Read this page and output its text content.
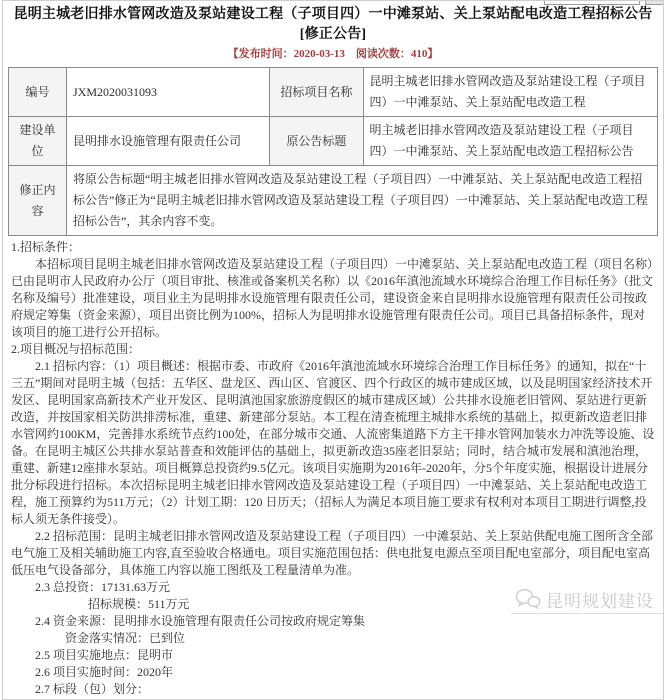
昆明主城老旧排水管网改造及泵站建设工程（子项目四）一中滩泵站、关上泵站配电改造工程招标公告[修正公告]
【发布时间：2020-03-13　阅读次数：410】
编号	JXM2020031093	招标项目名称	昆明主城老旧排水管网改造及泵站建设工程（子项目四）一中滩泵站、关上泵站配电改造工程
建设单位	昆明排水设施管理有限责任公司	原公告标题	明主城老旧排水管网改造及泵站建设工程（子项目四）一中滩泵站、关上泵站配电改造工程招标公告
修正内容	将原公告标题“明主城老旧排水管网改造及泵站建设工程（子项目四）一中滩泵站、关上泵站配电改造工程招标公告”修正为“昆明主城老旧排水管网改造及泵站建设工程（子项目四）一中滩泵站、关上泵站配电改造工程招标公告”，其余内容不变。		

1.招标条件：

本招标项目昆明主城老旧排水管网改造及泵站建设工程（子项目四）一中滩泵站、关上泵站配电改造工程（项目名称）已由昆明市人民政府办公厅（项目审批、核准或备案机关名称）以《2016年滇池流域水环境综合治理工作目标任务》（批文名称及编号）批准建设，项目业主为昆明排水设施管理有限责任公司，建设资金来自昆明排水设施管理有限责任公司按政府规定筹集（资金来源），项目出资比例为100%，招标人为昆明排水设施管理有限责任公司。项目已具备招标条件，现对该项目的施工进行公开招标。

2.项目概况与招标范围：

2.1 招标内容：（1）项目概述：根据市委、市政府《2016年滇池流域水环境综合治理工作目标任务》的通知，拟在“十三五”期间对昆明主城（包括：五华区、盘龙区、西山区、官渡区、四个行政区的城市建成区域，以及昆明国家经济技术开发区、昆明国家高新技术产业开发区、昆明滇池国家旅游度假区的城市建成区域）公共排水设施老旧管网、泵站进行更新改造，并按国家相关防洪排涝标准，重建、新建部分泵站。本工程在清查梳理主城排水系统的基础上，拟更新改造老旧排水管网约100KM，完善排水系统节点约100处，在部分城市交通、人流密集道路下方主干排水管网加装水力冲洗等设施、设备。在昆明主城区公共排水泵站普查和效能评估的基础上，拟更新改造35座老旧泵站；同时，结合城市发展和滇池治理，重建、新建12座排水泵站。项目概算总投资约9.5亿元。该项目实施期为2016年-2020年，分5个年度实施，根据设计进展分批分标段进行招标。本次招标昆明主城老旧排水管网改造及泵站建设工程（子项目四）一中滩泵站、关上泵站配电改造工程，施工预算约为511万元；（2）计划工期：120 日历天；（招标人为满足本项目施工要求有权利对本项目工期进行调整,投标人须无条件接受）。

2.2 招标范围：昆明主城老旧排水管网改造及泵站建设工程（子项目四）一中滩泵站、关上泵站供配电施工图所含全部电气施工及相关辅助施工内容,直至验收合格通电。项目实施范围包括：供电批复电源点至项目配电室部分，项目配电室高低压电气设备部分，具体施工内容以施工图纸及工程量清单为准。

2.3 总投资：17131.63万元

招标规模：511万元

2.4 资金来源：昆明排水设施管理有限责任公司按政府规定筹集

资金落实情况：已到位

2.5 项目实施地点：昆明市

2.6 项目实施时间：2020年

2.7 标段（包）划分：

昆明规划建设
